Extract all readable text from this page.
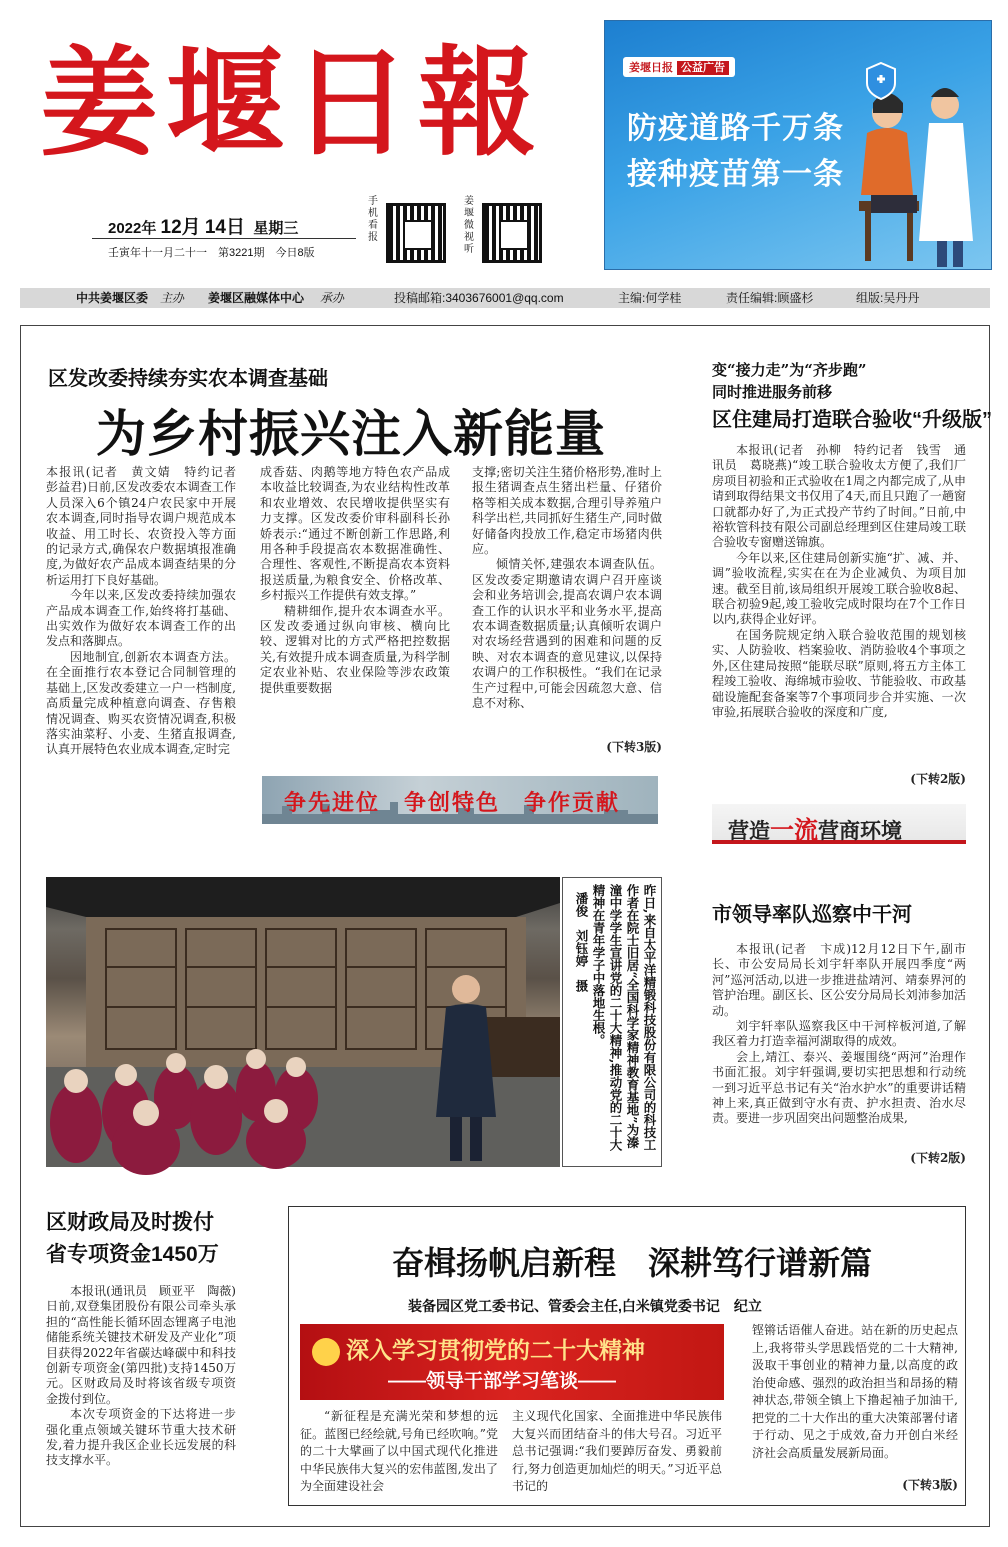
姜堰日報
2022年 12月 14日 星期三
壬寅年十一月二十一　第3221期　今日8版
手机看报
姜堰微视听
姜堰日报 公益广告
防疫道路千万条
接种疫苗第一条
中共姜堰区委 主办 姜堰区融媒体中心 承办	投稿邮箱:3403676001@qq.com	主编:何学桂	责任编辑:顾盛杉	组版:吴丹丹
区发改委持续夯实农本调查基础
为乡村振兴注入新能量

本报讯(记者　黄文婧　特约记者　彭益君)日前,区发改委农本调查工作人员深入6个镇24户农民家中开展农本调查,同时指导农调户规范成本收益、用工时长、农资投入等方面的记录方式,确保农户数据填报准确度,为做好农产品成本调查结果的分析运用打下良好基础。

今年以来,区发改委持续加强农产品成本调查工作,始终将打基础、出实效作为做好农本调查工作的出发点和落脚点。

因地制宜,创新农本调查方法。在全面推行农本登记合同制管理的基础上,区发改委建立一户一档制度,高质量完成种植意向调查、存售粮情况调查、购买农资情况调查,积极落实油菜籽、小麦、生猪直报调查,认真开展特色农业成本调查,定时完

成香菇、肉鹅等地方特色农产品成本收益比较调查,为农业结构性改革和农业增效、农民增收提供坚实有力支撑。区发改委价审科副科长孙娇表示:“通过不断创新工作思路,利用各种手段提高农本数据准确性、合理性、客观性,不断提高农本资料报送质量,为粮食安全、价格改革、乡村振兴工作提供有效支撑。”

精耕细作,提升农本调查水平。区发改委通过纵向审核、横向比较、逻辑对比的方式严格把控数据关,有效提升成本调查质量,为科学制定农业补贴、农业保险等涉农政策提供重要数据

支撑;密切关注生猪价格形势,准时上报生猪调查点生猪出栏量、仔猪价格等相关成本数据,合理引导养殖户科学出栏,共同抓好生猪生产,同时做好储备肉投放工作,稳定市场猪肉供应。

倾情关怀,建强农本调查队伍。区发改委定期邀请农调户召开座谈会和业务培训会,提高农调户农本调查工作的认识水平和业务水平,提高农本调查数据质量;认真倾听农调户对农场经营遇到的困难和问题的反映、对农本调查的意见建议,以保持农调户的工作积极性。“我们在记录生产过程中,可能会因疏忽大意、信息不对称、

(下转3版)
争先进位　争创特色　争作贡献
变“接力走”为“齐步跑”
同时推进服务前移
区住建局打造联合验收“升级版”

本报讯(记者　孙柳　特约记者　钱雪　通讯员　葛晓燕)“竣工联合验收太方便了,我们厂房项目初验和正式验收在1周之内都完成了,从申请到取得结果文书仅用了4天,而且只跑了一趟窗口就都办好了,为正式投产节约了时间。”日前,中裕软管科技有限公司副总经理到区住建局竣工联合验收专窗赠送锦旗。

今年以来,区住建局创新实施“扩、减、并、调”验收流程,实实在在为企业减负、为项目加速。截至目前,该局组织开展竣工联合验收8起、联合初验9起,竣工验收完成时限均在7个工作日以内,获得企业好评。

在国务院规定纳入联合验收范围的规划核实、人防验收、档案验收、消防验收4个事项之外,区住建局按照“能联尽联”原则,将五方主体工程竣工验收、海绵城市验收、节能验收、市政基础设施配套备案等7个事项同步合并实施、一次审验,拓展联合验收的深度和广度,

(下转2版)
营造一流营商环境
昨日,来自太平洋精锻科技股份有限公司的科技工作者在院士旧居“全国科学家精神教育基地”为溱潼中学学生宣讲党的二十大精神,推动党的二十大精神在青年学子中落地生根。
潘俊　刘钰婷　摄	市领导率队巡察中干河

本报讯(记者　卞成)12月12日下午,副市长、市公安局局长刘宇轩率队开展四季度“两河”巡河活动,以进一步推进盐靖河、靖泰界河的管护治理。副区长、区公安分局局长刘沛参加活动。

刘宇轩率队巡察我区中干河梓板河道,了解我区着力打造幸福河湖取得的成效。

会上,靖江、泰兴、姜堰围绕“两河”治理作书面汇报。刘宇轩强调,要切实把思想和行动统一到习近平总书记有关“治水护水”的重要讲话精神上来,真正做到守水有责、护水担责、治水尽责。要进一步巩固突出问题整治成果,

(下转2版)
区财政局及时拨付
省专项资金1450万

本报讯(通讯员　顾亚平　陶薇)日前,双登集团股份有限公司牵头承担的“高性能长循环固态锂离子电池储能系统关键技术研发及产业化”项目获得2022年省碳达峰碳中和科技创新专项资金(第四批)支持1450万元。区财政局及时将该省级专项资金拨付到位。

本次专项资金的下达将进一步强化重点领域关键环节重大技术研发,着力提升我区企业长远发展的科技支撑水平。

奋楫扬帆启新程　深耕笃行谱新篇
装备园区党工委书记、管委会主任,白米镇党委书记　纪立
深入学习贯彻党的二十大精神
——领导干部学习笔谈——
“新征程是充满光荣和梦想的远征。蓝图已经绘就,号角已经吹响。”党的二十大擘画了以中国式现代化推进中华民族伟大复兴的宏伟蓝图,发出了为全面建设社会
主义现代化国家、全面推进中华民族伟大复兴而团结奋斗的伟大号召。习近平总书记强调:“我们要踔厉奋发、勇毅前行,努力创造更加灿烂的明天。”习近平总书记的
铿锵话语催人奋进。站在新的历史起点上,我将带头学思践悟党的二十大精神,汲取干事创业的精神力量,以高度的政治使命感、强烈的政治担当和昂扬的精神状态,带领全镇上下撸起袖子加油干,把党的二十大作出的重大决策部署付诸于行动、见之于成效,奋力开创白米经济社会高质量发展新局面。
(下转3版)
